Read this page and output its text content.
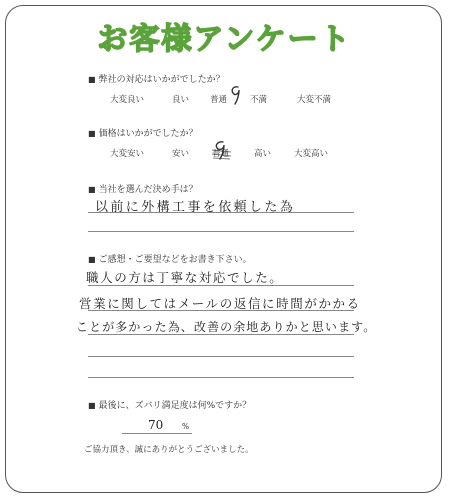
お客様アンケート
■ 弊社の対応はいかがでしたか？
大変良い	良い 普通	不満	大変不満
■ 価格はいかがでしたか？
大変安い	安い	普通	高い	大変高い
■ 当社を選んだ決め手は？
以前に外構工事を依頼した為
■ ご感想・ご要望などをお書き下さい。
職人の方は丁寧な対応でした。
営業に関してはメールの返信に時間がかかる
ことが多かった為、改善の余地ありかと思います。
■ 最後に、ズバリ満足度は何%ですか？
70 %
ご協力頂き、誠にありがとうございました。
